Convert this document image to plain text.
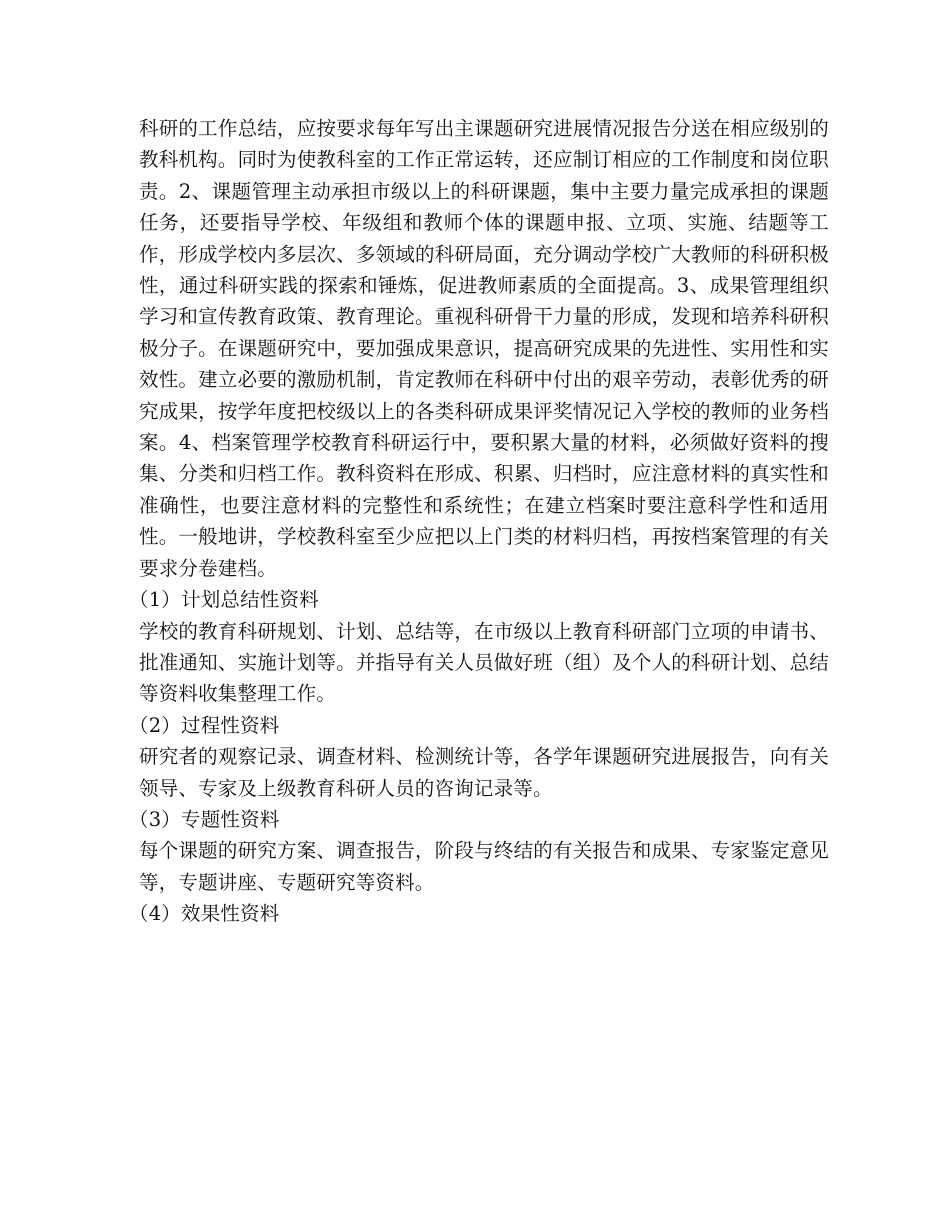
科研的工作总结，应按要求每年写出主课题研究进展情况报告分送在相应级别的教科机构。同时为使教科室的工作正常运转，还应制订相应的工作制度和岗位职责。2、课题管理主动承担市级以上的科研课题，集中主要力量完成承担的课题任务，还要指导学校、年级组和教师个体的课题申报、立项、实施、结题等工作，形成学校内多层次、多领域的科研局面，充分调动学校广大教师的科研积极性，通过科研实践的探索和锤炼，促进教师素质的全面提高。3、成果管理组织学习和宣传教育政策、教育理论。重视科研骨干力量的形成，发现和培养科研积极分子。在课题研究中，要加强成果意识，提高研究成果的先进性、实用性和实效性。建立必要的激励机制，肯定教师在科研中付出的艰辛劳动，表彰优秀的研究成果，按学年度把校级以上的各类科研成果评奖情况记入学校的教师的业务档案。4、档案管理学校教育科研运行中，要积累大量的材料，必须做好资料的搜集、分类和归档工作。教科资料在形成、积累、归档时，应注意材料的真实性和准确性，也要注意材料的完整性和系统性；在建立档案时要注意科学性和适用性。一般地讲，学校教科室至少应把以上门类的材料归档，再按档案管理的有关要求分卷建档。

（1）计划总结性资料

学校的教育科研规划、计划、总结等，在市级以上教育科研部门立项的申请书、批准通知、实施计划等。并指导有关人员做好班（组）及个人的科研计划、总结等资料收集整理工作。

（2）过程性资料

研究者的观察记录、调查材料、检测统计等，各学年课题研究进展报告，向有关领导、专家及上级教育科研人员的咨询记录等。

（3）专题性资料

每个课题的研究方案、调查报告，阶段与终结的有关报告和成果、专家鉴定意见等，专题讲座、专题研究等资料。

（4）效果性资料
